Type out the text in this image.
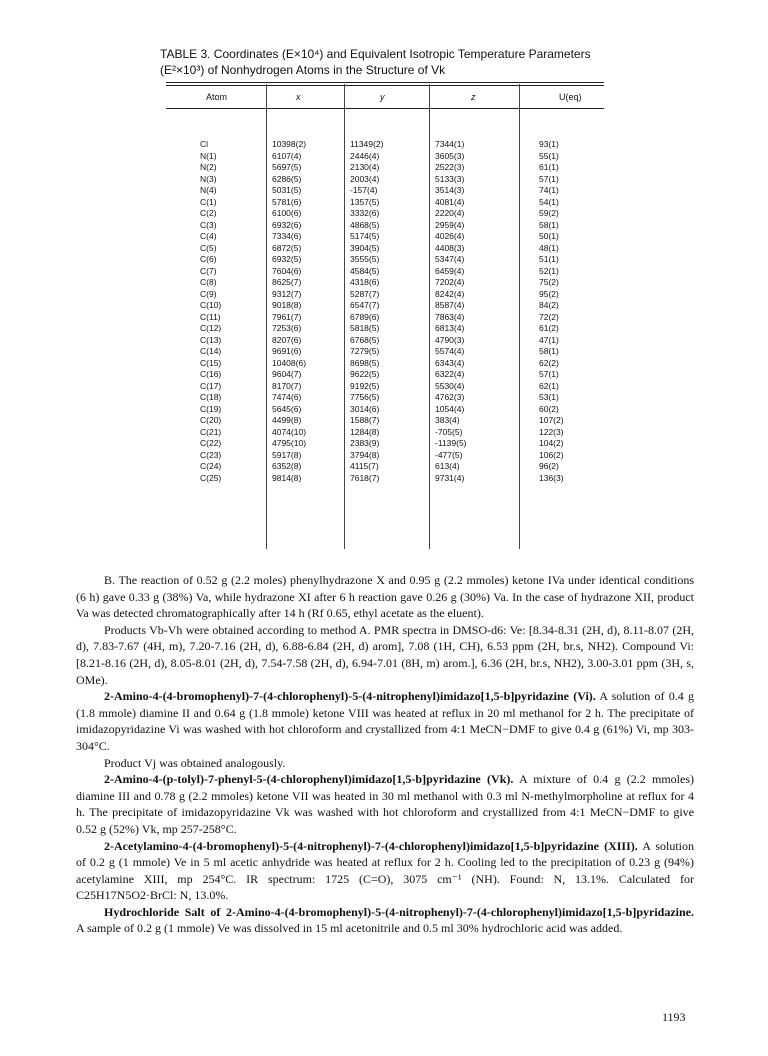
TABLE 3. Coordinates (E×10⁴) and Equivalent Isotropic Temperature Parameters
(E²×10³) of Nonhydrogen Atoms in the Structure of Vk
Atom	x	y	z	U(eq)
Cl	10398(2)	11349(2)	7344(1)	93(1)
N(1)	6107(4)	2446(4)	3605(3)	55(1)
N(2)	5697(5)	2130(4)	2522(3)	61(1)
N(3)	6286(5)	2003(4)	5133(3)	57(1)
N(4)	5031(5)	-157(4)	3514(3)	74(1)
C(1)	5781(6)	1357(5)	4081(4)	54(1)
C(2)	6100(6)	3332(6)	2220(4)	59(2)
C(3)	6932(6)	4868(5)	2959(4)	58(1)
C(4)	7334(6)	5174(5)	4026(4)	50(1)
C(5)	6872(5)	3904(5)	4408(3)	48(1)
C(6)	6932(5)	3555(5)	5347(4)	51(1)
C(7)	7604(6)	4584(5)	6459(4)	52(1)
C(8)	8625(7)	4318(6)	7202(4)	75(2)
C(9)	9312(7)	5287(7)	8242(4)	95(2)
C(10)	9018(8)	6547(7)	8587(4)	84(2)
C(11)	7961(7)	6789(6)	7863(4)	72(2)
C(12)	7253(6)	5818(5)	6813(4)	61(2)
C(13)	8207(6)	6768(5)	4790(3)	47(1)
C(14)	9691(6)	7279(5)	5574(4)	58(1)
C(15)	10408(6)	8698(5)	6343(4)	62(2)
C(16)	9604(7)	9622(5)	6322(4)	57(1)
C(17)	8170(7)	9192(5)	5530(4)	62(1)
C(18)	7474(6)	7756(5)	4762(3)	53(1)
C(19)	5645(6)	3014(6)	1054(4)	60(2)
C(20)	4499(8)	1588(7)	383(4)	107(2)
C(21)	4074(10)	1284(8)	-705(5)	122(3)
C(22)	4795(10)	2383(9)	-1139(5)	104(2)
C(23)	5917(8)	3794(8)	-477(5)	106(2)
C(24)	6352(8)	4115(7)	613(4)	96(2)
C(25)	9814(8)	7618(7)	9731(4)	136(3)

B. The reaction of 0.52 g (2.2 moles) phenylhydrazone X and 0.95 g (2.2 mmoles) ketone IVa under identical conditions (6 h) gave 0.33 g (38%) Va, while hydrazone XI after 6 h reaction gave 0.26 g (30%) Va. In the case of hydrazone XII, product Va was detected chromatographically after 14 h (Rf 0.65, ethyl acetate as the eluent).

Products Vb-Vh were obtained according to method A. PMR spectra in DMSO-d6: Ve: [8.34-8.31 (2H, d), 8.11-8.07 (2H, d), 7.83-7.67 (4H, m), 7.20-7.16 (2H, d), 6.88-6.84 (2H, d) arom], 7.08 (1H, CH), 6.53 ppm (2H, br.s, NH2). Compound Vi: [8.21-8.16 (2H, d), 8.05-8.01 (2H, d), 7.54-7.58 (2H, d), 6.94-7.01 (8H, m) arom.], 6.36 (2H, br.s, NH2), 3.00-3.01 ppm (3H, s, OMe).

2-Amino-4-(4-bromophenyl)-7-(4-chlorophenyl)-5-(4-nitrophenyl)imidazo[1,5-b]pyridazine (Vi). A solution of 0.4 g (1.8 mmole) diamine II and 0.64 g (1.8 mmole) ketone VIII was heated at reflux in 20 ml methanol for 2 h. The precipitate of imidazopyridazine Vi was washed with hot chloroform and crystallized from 4:1 MeCN−DMF to give 0.4 g (61%) Vi, mp 303-304°C.

Product Vj was obtained analogously.

2-Amino-4-(p-tolyl)-7-phenyl-5-(4-chlorophenyl)imidazo[1,5-b]pyridazine (Vk). A mixture of 0.4 g (2.2 mmoles) diamine III and 0.78 g (2.2 mmoles) ketone VII was heated in 30 ml methanol with 0.3 ml N-methylmorpholine at reflux for 4 h. The precipitate of imidazopyridazine Vk was washed with hot chloroform and crystallized from 4:1 MeCN−DMF to give 0.52 g (52%) Vk, mp 257-258°C.

2-Acetylamino-4-(4-bromophenyl)-5-(4-nitrophenyl)-7-(4-chlorophenyl)imidazo[1,5-b]pyridazine (XIII). A solution of 0.2 g (1 mmole) Ve in 5 ml acetic anhydride was heated at reflux for 2 h. Cooling led to the precipitation of 0.23 g (94%) acetylamine XIII, mp 254°C. IR spectrum: 1725 (C=O), 3075 cm⁻¹ (NH). Found: N, 13.1%. Calculated for C25H17N5O2·BrCl: N, 13.0%.

Hydrochloride Salt of 2-Amino-4-(4-bromophenyl)-5-(4-nitrophenyl)-7-(4-chlorophenyl)imidazo[1,5-b]pyridazine. A sample of 0.2 g (1 mmole) Ve was dissolved in 15 ml acetonitrile and 0.5 ml 30% hydrochloric acid was added.

1193
